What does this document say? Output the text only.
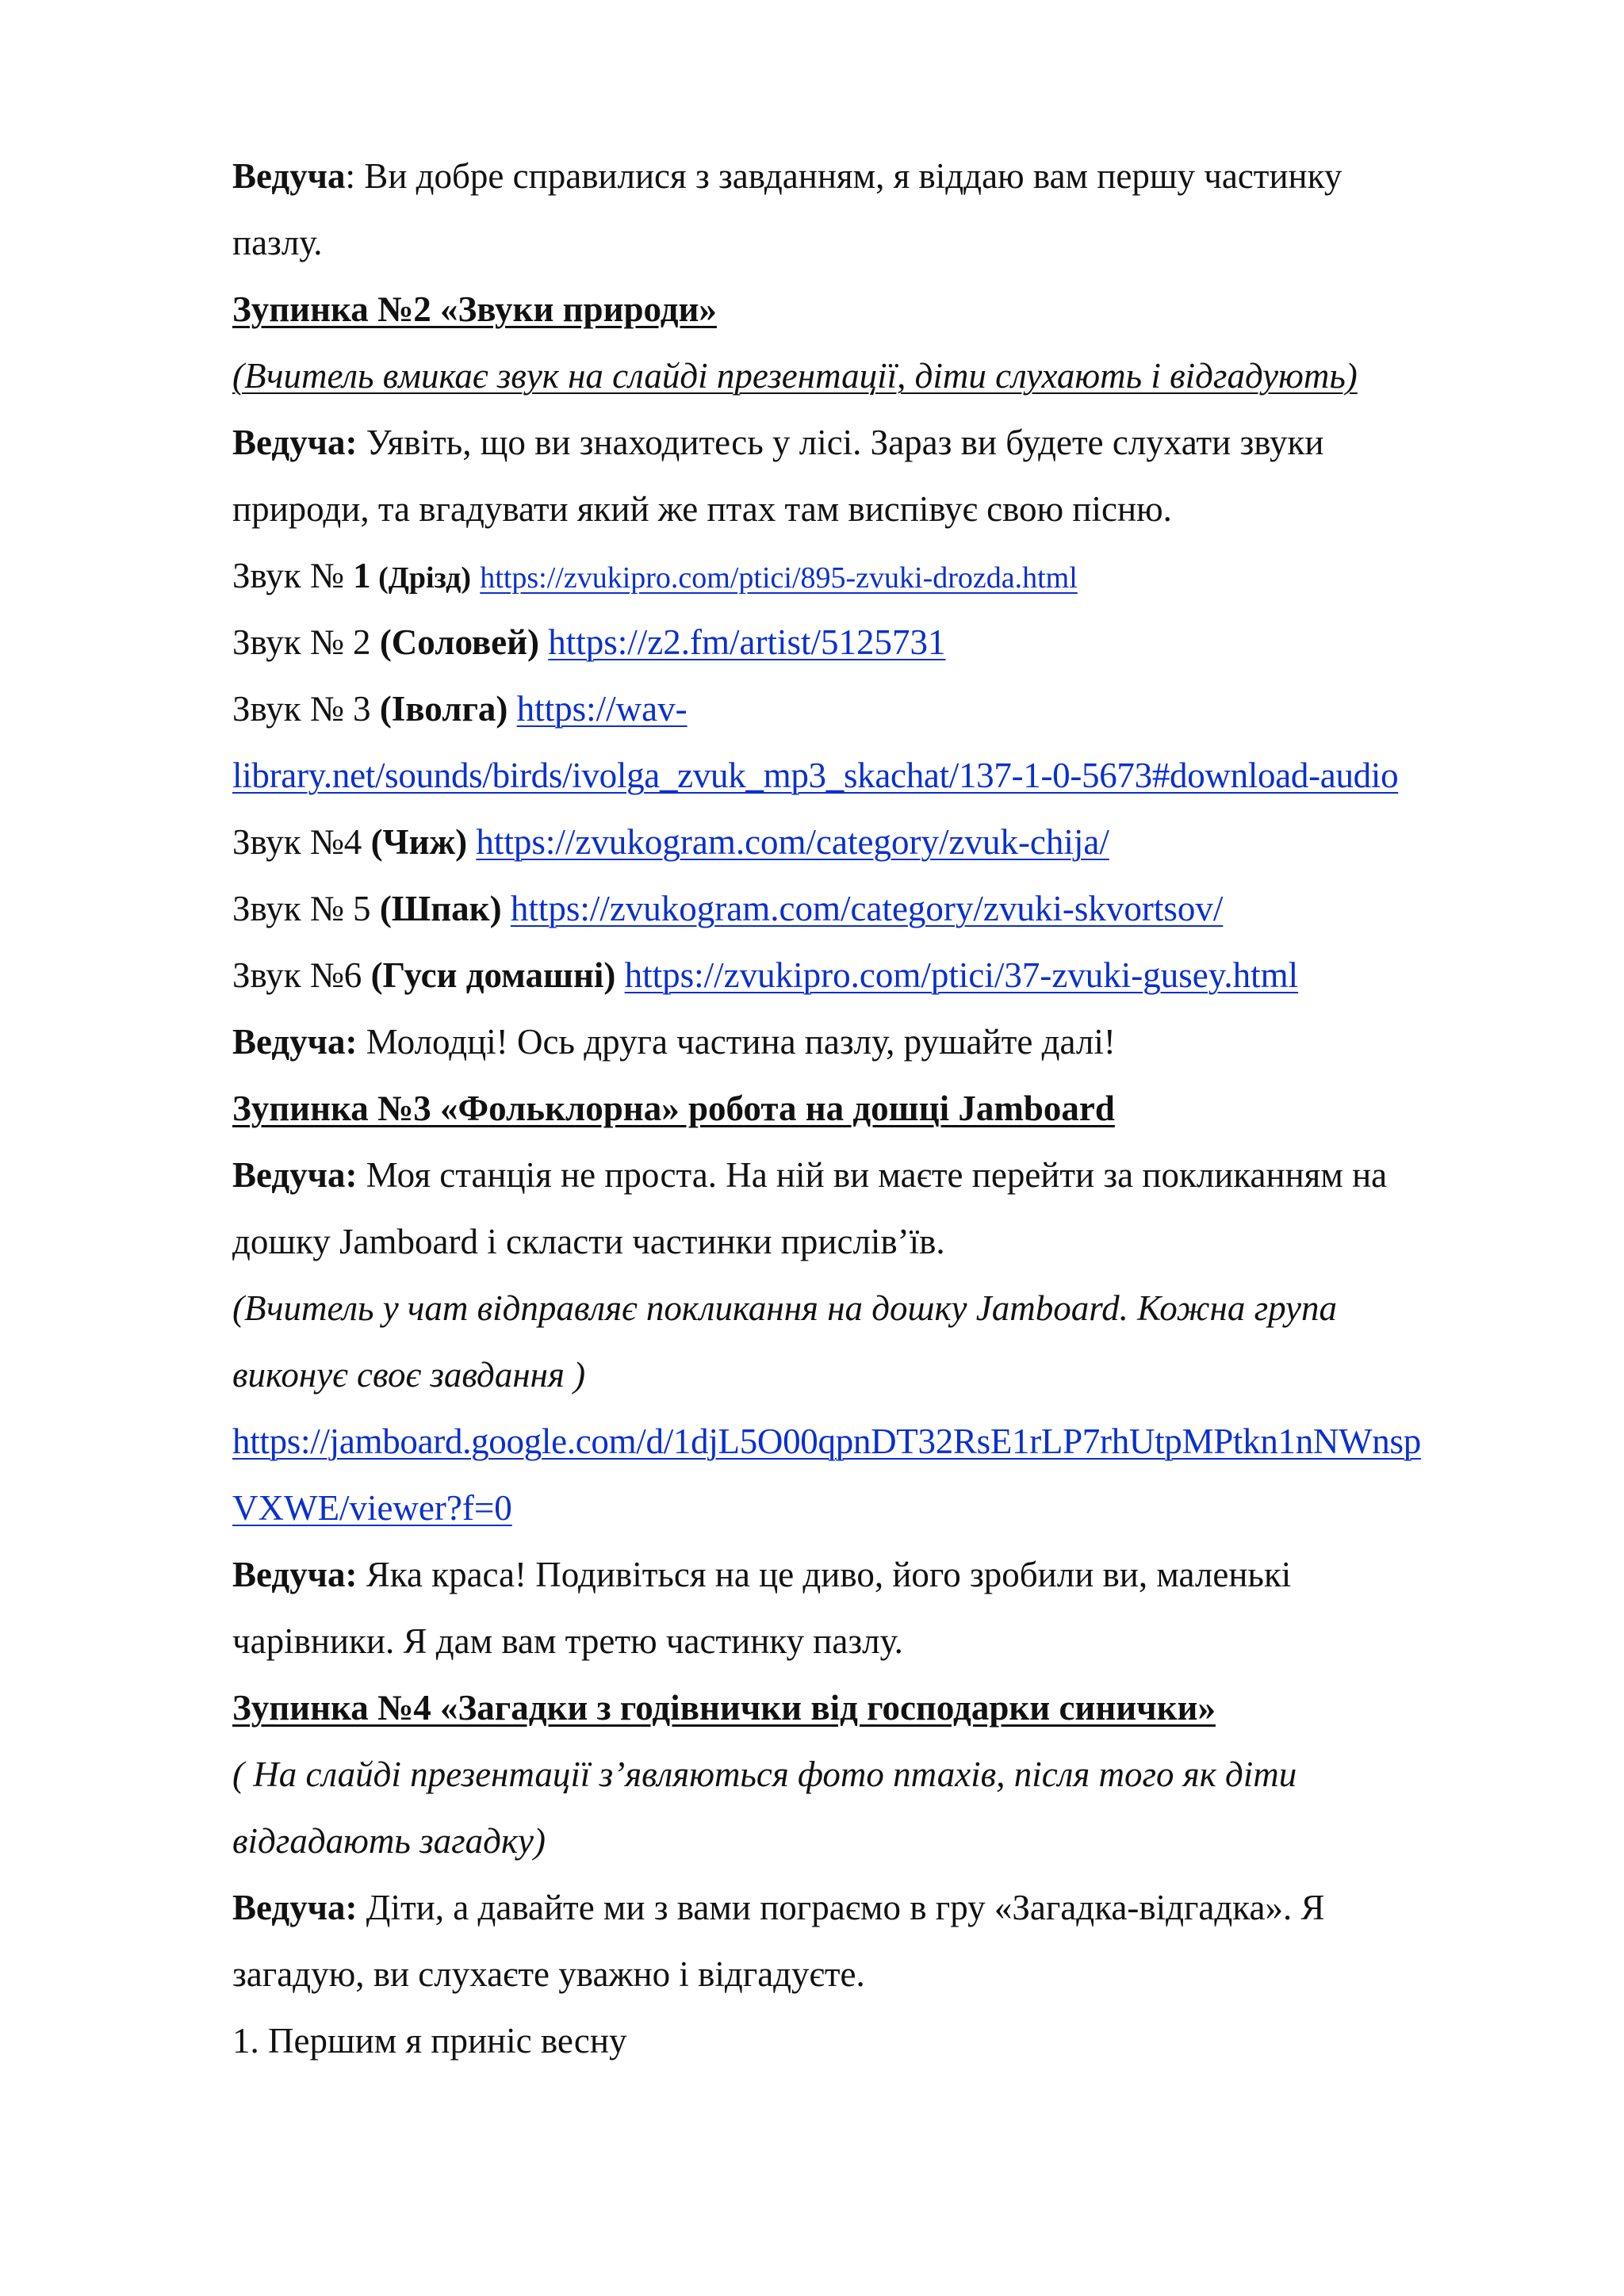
Ведуча: Ви добре справилися з завданням, я віддаю вам першу частинку
пазлу.
Зупинка №2 «Звуки природи»
(Вчитель вмикає звук на слайді презентації, діти слухають і відгадують)
Ведуча: Уявіть, що ви знаходитесь у лісі. Зараз ви будете слухати звуки
природи, та вгадувати який же птах там виспівує свою пісню.
Звук № 1 (Дрізд) https://zvukipro.com/ptici/895-zvuki-drozda.html
Звук № 2 (Соловей) https://z2.fm/artist/5125731
Звук № 3 (Іволга) https://wav-
library.net/sounds/birds/ivolga_zvuk_mp3_skachat/137-1-0-5673#download-audio
Звук №4 (Чиж) https://zvukogram.com/category/zvuk-chija/
Звук № 5 (Шпак) https://zvukogram.com/category/zvuki-skvortsov/
Звук №6 (Гуси домашні) https://zvukipro.com/ptici/37-zvuki-gusey.html
Ведуча: Молодці! Ось друга частина пазлу, рушайте далі!
Зупинка №3 «Фольклорна» робота на дошці Jamboard
Ведуча: Моя станція не проста. На ній ви маєте перейти за покликанням на
дошку Jamboard і скласти частинки прислів’їв.
(Вчитель у чат відправляє покликання на дошку Jamboard. Кожна група
виконує своє завдання )
https://jamboard.google.com/d/1djL5O00qpnDT32RsE1rLP7rhUtpMPtkn1nNWnsp
VXWE/viewer?f=0
Ведуча: Яка краса! Подивіться на це диво, його зробили ви, маленькі
чарівники. Я дам вам третю частинку пазлу.
Зупинка №4 «Загадки з годівнички від господарки синички»
( На слайді презентації з’являються фото птахів, після того як діти
відгадають загадку)
Ведуча: Діти, а давайте ми з вами пограємо в гру «Загадка-відгадка». Я
загадую, ви слухаєте уважно і відгадуєте.
1. Першим я приніс весну
